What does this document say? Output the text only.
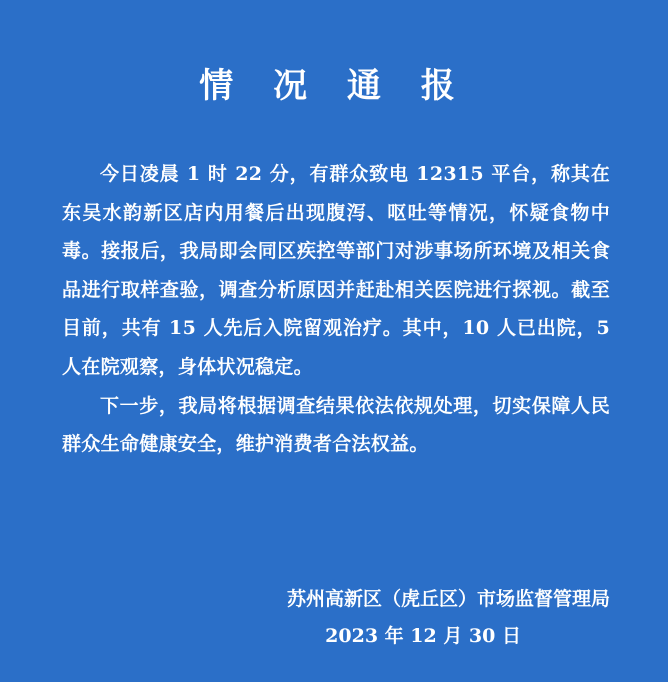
情 况 通 报

今日凌晨 1 时 22 分，有群众致电 12315 平台，称其在东吴水韵新区店内用餐后出现腹泻、呕吐等情况，怀疑食物中毒。接报后，我局即会同区疾控等部门对涉事场所环境及相关食品进行取样查验，调查分析原因并赶赴相关医院进行探视。截至目前，共有 15 人先后入院留观治疗。其中，10 人已出院，5 人在院观察，身体状况稳定。

下一步，我局将根据调查结果依法依规处理，切实保障人民群众生命健康安全，维护消费者合法权益。

苏州高新区（虎丘区）市场监督管理局
2023 年 12 月 30 日
